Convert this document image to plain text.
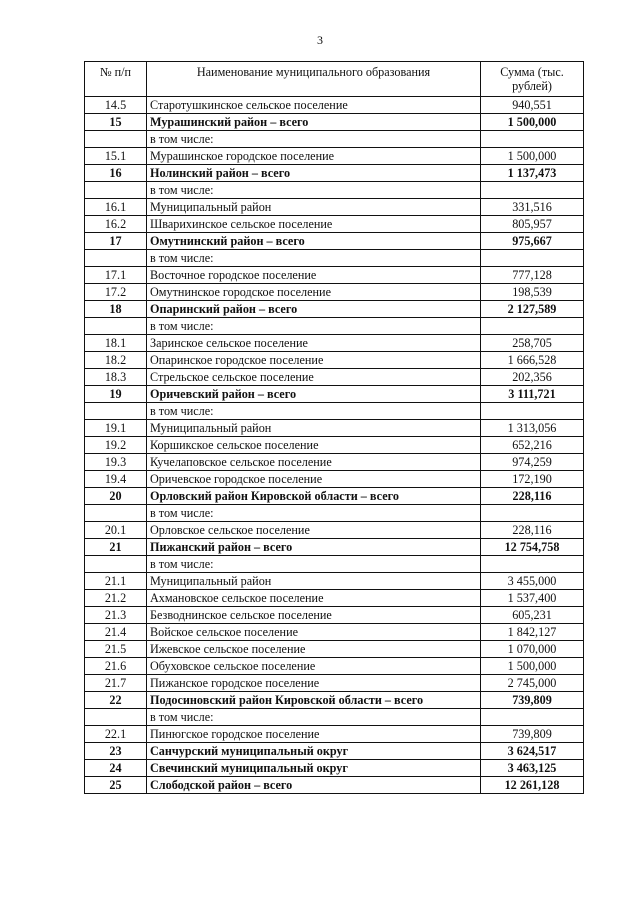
3
№ п/п	Наименование муниципального образования	Сумма (тыс. рублей)
14.5	Старотушкинское сельское поселение	940,551
15	Мурашинский район – всего	1 500,000
	в том числе:	
15.1	Мурашинское городское поселение	1 500,000
16	Нолинский район – всего	1 137,473
	в том числе:	
16.1	Муниципальный район	331,516
16.2	Шварихинское сельское поселение	805,957
17	Омутнинский район – всего	975,667
	в том числе:	
17.1	Восточное городское поселение	777,128
17.2	Омутнинское городское поселение	198,539
18	Опаринский район – всего	2 127,589
	в том числе:	
18.1	Заринское сельское поселение	258,705
18.2	Опаринское городское поселение	1 666,528
18.3	Стрельское сельское поселение	202,356
19	Оричевский район – всего	3 111,721
	в том числе:	
19.1	Муниципальный район	1 313,056
19.2	Коршикское сельское поселение	652,216
19.3	Кучелаповское сельское поселение	974,259
19.4	Оричевское городское поселение	172,190
20	Орловский район Кировской области – всего	228,116
	в том числе:	
20.1	Орловское сельское поселение	228,116
21	Пижанский район – всего	12 754,758
	в том числе:	
21.1	Муниципальный район	3 455,000
21.2	Ахмановское сельское поселение	1 537,400
21.3	Безводнинское сельское поселение	605,231
21.4	Войское сельское поселение	1 842,127
21.5	Ижевское сельское поселение	1 070,000
21.6	Обуховское сельское поселение	1 500,000
21.7	Пижанское городское поселение	2 745,000
22	Подосиновский район Кировской области – всего	739,809
	в том числе:	
22.1	Пинюгское городское поселение	739,809
23	Санчурский муниципальный округ	3 624,517
24	Свечинский муниципальный округ	3 463,125
25	Слободской район – всего	12 261,128
